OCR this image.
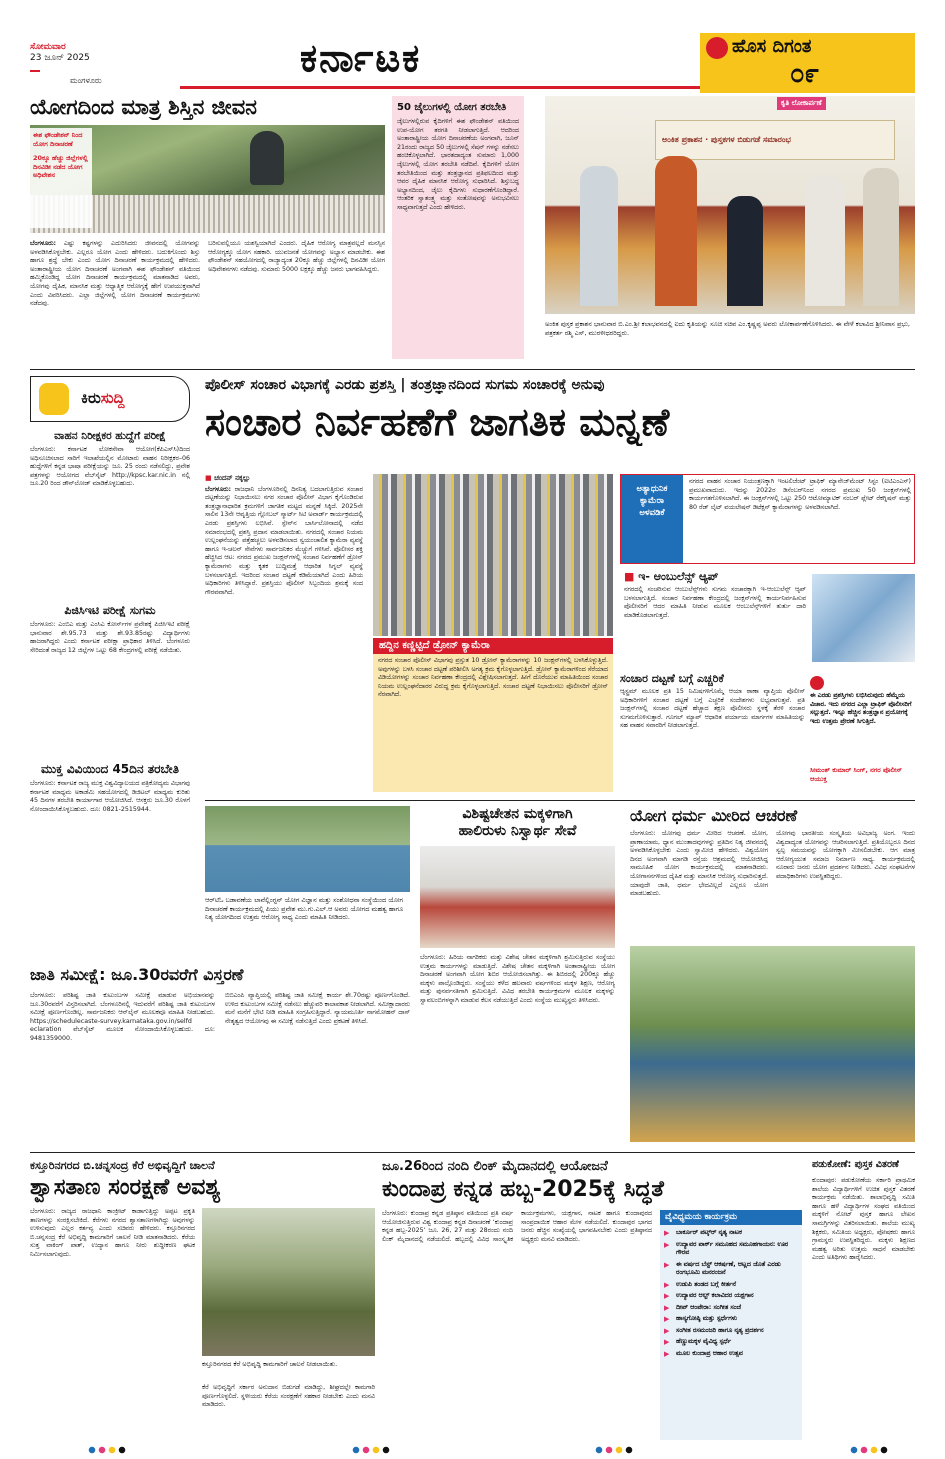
ಸೋಮವಾರ
23 ಜೂನ್ 2025
ಮಂಗಳೂರು
ಕರ್ನಾಟಕ	ಹೊಸ ದಿಗಂತ
೦೯
ಯೋಗದಿಂದ ಮಾತ್ರ ಶಿಸ್ತಿನ ಜೀವನ
ಈಶ ಫೌಂಡೇಶನ್ ನಿಂದ ಯೋಗ ದಿನಾಚರಣೆ
20ಕ್ಕೂ ಹೆಚ್ಚು ಜಿಲ್ಲೆಗಳಲ್ಲಿ ದಿನವಿಡೀ ನಡೆದ ಯೋಗ ಅಧಿವೇಶನ
ಬೆಂಗಳೂರು: ಎಷ್ಟು ಕಷ್ಟಗಳನ್ನು ಎದುರಿಸಿದರು ಜೀವನದಲ್ಲಿ ಯೋಗವನ್ನು ಅಳವಡಿಸಿಕೊಳ್ಳಬೇಕು. ಎಲ್ಲರೂ ಯೋಗ ಎಂದು ಹೇಳಿದರು. ಬದುಕಿಗೊಂದು ಶಿಸ್ತು ಹಾಗೂ ಶ್ರದ್ಧೆ ಬೇಕು ಎಂದು ಯೋಗ ದಿನಾಚರಣೆ ಕಾರ್ಯಕ್ರಮದಲ್ಲಿ ಹೇಳಿದರು. ಅಂತಾರಾಷ್ಟ್ರೀಯ ಯೋಗ ದಿನಾಚರಣೆ ಅಂಗವಾಗಿ ಈಶ ಫೌಂಡೇಶನ್ ವತಿಯಿಂದ ಹಮ್ಮಿಕೊಂಡಿದ್ದ ಯೋಗ ದಿನಾಚರಣೆ ಕಾರ್ಯಕ್ರಮದಲ್ಲಿ ಮಾತನಾಡಿದ ಅವರು, ಯೋಗವು ದೈಹಿಕ, ಮಾನಸಿಕ ಮತ್ತು ಆಧ್ಯಾತ್ಮಿಕ ಆರೋಗ್ಯಕ್ಕೆ ಹೇಗೆ ಉಪಯುಕ್ತವಾಗಿದೆ ಎಂದು ವಿವರಿಸಿದರು. ಎಲ್ಲಾ ಜಿಲ್ಲೆಗಳಲ್ಲಿ ಯೋಗ ದಿನಾಚರಣೆ ಕಾರ್ಯಕ್ರಮಗಳು ನಡೆದವು.
ಬರಿಸುವಲ್ಲಿಯೂ ಯಶಸ್ವಿಯಾಗಿದೆ ಎಂದರು. ದೈಹಿಕ ಆರೋಗ್ಯ ಮಾತ್ರವಲ್ಲದೆ ಮನಸ್ಸಿನ ಆರೋಗ್ಯಕ್ಕೂ ಯೋಗ ಸಹಕಾರಿ. ಯುವಜನತೆ ಯೋಗವನ್ನು ಅಭ್ಯಾಸ ಮಾಡಬೇಕು. ಈಶ ಫೌಂಡೇಶನ್ ಸಹಯೋಗದಲ್ಲಿ ರಾಜ್ಯಾದ್ಯಂತ 20ಕ್ಕೂ ಹೆಚ್ಚು ಜಿಲ್ಲೆಗಳಲ್ಲಿ ದಿನವಿಡೀ ಯೋಗ ಅಧಿವೇಶನಗಳು ನಡೆದವು. ಸುಮಾರು 5000 ಲಕ್ಷಕ್ಕೂ ಹೆಚ್ಚು ಜನರು ಭಾಗವಹಿಸಿದ್ದರು.
50 ಜೈಲುಗಳಲ್ಲಿ ಯೋಗ ತರಬೇತಿ
ಜೈಲುಗಳಲ್ಲಿರುವ ಕೈದಿಗಳಿಗೆ ಈಶ ಫೌಂಡೇಶನ್ ವತಿಯಿಂದ ಉಪ-ಯೋಗ ತರಗತಿ ನೀಡಲಾಗುತ್ತಿದೆ. ಆದರಿಂದ ಅಂತಾರಾಷ್ಟ್ರೀಯ ಯೋಗ ದಿನಾಚರಣೆಯ ಅಂಗವಾಗಿ, ಜೂನ್ 21ರಂದು ರಾಜ್ಯದ 50 ಜೈಲುಗಳಲ್ಲಿ ಸೆಷನ್ ಗಳನ್ನು ನಡೆಸಲು ಹಂಚಿಕೊಳ್ಳಲಾಗಿದೆ. ಭಾರತದಾದ್ಯಂತ ಸುಮಾರು 1,000 ಜೈಲುಗಳಲ್ಲಿ ಯೋಗ ತರಬೇತಿ ನಡೆದಿವೆ. ಕೈದಿಗಳಿಗೆ ಯೋಗ ತರಬೇತಿಯಿಂದ ಮತ್ತು ತಂತ್ರಜ್ಞಾನದ ಪ್ರತಿಫಲದಿಂದ ಮತ್ತು ಆವರ ದೈಹಿಕ ಮಾನಸಿಕ ಆರೋಗ್ಯ ಸುಧಾರಿಸಿದೆ. ಶಿಸ್ತುಬದ್ಧ ಅಭ್ಯಾಸದಿಂದ, ಜೈಲು ಕೈದಿಗಳು ಸುಧಾರಣೆಗೊಂಡಿದ್ದಾರೆ. ಆಂತರಿಕ ಸ್ವಾತಂತ್ರ್ಯ ಮತ್ತು ಸಂತೋಷವನ್ನು ಅನುಭವಿಸಲು ಸಾಧ್ಯವಾಗುತ್ತದೆ ಎಂದು ಹೇಳಿದರು.
ಅಂಕಿತ ಪ್ರಕಾಶನ · ಪುಸ್ತಕಗಳ ಬಿಡುಗಡೆ ಸಮಾರಂಭ
ಕೃತಿ ಲೋಕಾರ್ಪಣೆ
ಅಂಕಿತ ಪುಸ್ತಕ ಪ್ರಕಾಶನ ಭಾನುವಾರ ಬಿ.ಎಂ.ಶ್ರೀ ಕಲಾಭವನದಲ್ಲಿ ಐದು ಕೃತಿಯನ್ನು ಸೂಚಿ ಸಚಿವ ಎಂ.ಕೃಷ್ಣಪ್ಪ ಅವರು ಲೋಕಾರ್ಪಣೆಗೊಳಿಸಿದರು. ಈ ವೇಳೆ ಕಲಾವಿದ ಶ್ರೀನಿವಾಸ ಪ್ರಭು, ಪತ್ರಕರ್ತ ರಶ್ಮಿ ಎಸ್, ಮುರಳೀಧರರಿದ್ದರು.
ಕಿರುಸುದ್ದಿ
ವಾಹನ ನಿರೀಕ್ಷಕರ ಹುದ್ದೆಗೆ ಪರೀಕ್ಷೆ
ಬೆಂಗಳೂರು: ಕರ್ನಾಟಕ ಲೋಕಸೇವಾ ಆಯೋಗ(ಕೆಪಿಎಸ್‌ಸಿ)ದಿಂದ ಅಧಿಸೂಚಿಸಲಾದ ಸಾರಿಗೆ ಇಲಾಖೆಯಲ್ಲಿನ ಮೋಟಾರು ವಾಹನ ನಿರೀಕ್ಷಕರ–06 ಹುದ್ದೆಗಳಿಗೆ ಕನ್ನಡ ಭಾಷಾ ಪರೀಕ್ಷೆಯನ್ನು ಜೂ. 25 ರಂದು ನಡೆಸಲಿದ್ದು, ಪ್ರವೇಶ ಪತ್ರಗಳನ್ನು ಆಯೋಗದ ವೆಬ್‌ಸೈಟ್ http://kpsc.kar.nic.in ನಲ್ಲಿ ಜೂ.20 ರಿಂದ ಡೌನ್‌ಲೋಡ್ ಮಾಡಿಕೊಳ್ಳಬಹುದು.
ಪಿಜಿಸಿಇಟಿ ಪರೀಕ್ಷೆ ಸುಗಮ
ಬೆಂಗಳೂರು: ಎಂಬಿಎ ಮತ್ತು ಎಂಸಿಎ ಕೋರ್ಸ್‌ಗಳ ಪ್ರವೇಶಕ್ಕೆ ಪಿಜಿಸಿಇಟಿ ಪರೀಕ್ಷೆ ಭಾನುವಾರ ಶೇ.95.73 ಮತ್ತು ಶೇ.93.85ರಷ್ಟು ವಿದ್ಯಾರ್ಥಿಗಳು ಹಾಜರಾಗಿದ್ದರು ಎಂದು ಕರ್ನಾಟಕ ಪರೀಕ್ಷಾ ಪ್ರಾಧಿಕಾರ ತಿಳಿಸಿದೆ. ಬೆಂಗಳೂರು ಸೇರಿದಂತೆ ರಾಜ್ಯದ 12 ಜಿಲ್ಲೆಗಳ ಒಟ್ಟು 68 ಕೇಂದ್ರಗಳಲ್ಲಿ ಪರೀಕ್ಷೆ ನಡೆಯಿತು.
ಮುಕ್ತ ವಿವಿಯಿಂದ 45ದಿನ ತರಬೇತಿ
ಬೆಂಗಳೂರು: ಕರ್ನಾಟಕ ರಾಜ್ಯ ಮುಕ್ತ ವಿಶ್ವವಿದ್ಯಾಲಯದ ಪತ್ರಿಕೋದ್ಯಮ ವಿಭಾಗವು ಕರ್ನಾಟಕ ಮಾಧ್ಯಮ ಅಕಾಡೆಮಿ ಸಹಯೋಗದಲ್ಲಿ ಡಿಜಿಟಲ್ ಮಾಧ್ಯಮ ಕುರಿತು 45 ದಿನಗಳ ತರಬೇತಿ ಕಾರ್ಯಾಗಾರ ಆಯೋಜಿಸಿದೆ. ಆಸಕ್ತರು ಜೂ.30 ರೊಳಗೆ ನೋಂದಾಯಿಸಿಕೊಳ್ಳಬಹುದು. ದೂ: 0821-2515944.
ಪೊಲೀಸ್ ಸಂಚಾರ ವಿಭಾಗಕ್ಕೆ ಎರಡು ಪ್ರಶಸ್ತಿ | ತಂತ್ರಜ್ಞಾನದಿಂದ ಸುಗಮ ಸಂಚಾರಕ್ಕೆ ಅನುವು
ಸಂಚಾರ ನಿರ್ವಹಣೆಗೆ ಜಾಗತಿಕ ಮನ್ನಣೆ
■ ಚಂದನ್ ನಕ್ಕಲ್ಲು
ಬೆಂಗಳೂರು: ರಾಜಧಾನಿ ಬೆಂಗಳೂರಿನಲ್ಲಿ ದಿನನಿತ್ಯ ಬದಲಾಗುತ್ತಿರುವ ಸಂಚಾರ ದಟ್ಟಣೆಯನ್ನು ನಿಭಾಯಿಸಲು ನಗರ ಸಂಚಾರ ಪೊಲೀಸ್ ವಿಭಾಗ ಕೈಗೊಂಡಿರುವ ತಂತ್ರಜ್ಞಾನಾಧಾರಿತ ಕ್ರಮಗಳಿಗೆ ಜಾಗತಿಕ ಮಟ್ಟದ ಮನ್ನಣೆ ಸಿಕ್ಕಿದೆ. 2025ನೇ ಸಾಲಿನ 13ನೇ ಆವೃತ್ತಿಯ ಗ್ಲೋಬಲ್ ಸ್ಮಾರ್ಟ್ ಸಿಟಿ ಅವಾರ್ಡ್ ಕಾರ್ಯಕ್ರಮದಲ್ಲಿ ಎರಡು ಪ್ರಶಸ್ತಿಗಳು ಲಭಿಸಿವೆ. ಸ್ಪೇನ್‌ನ ಬಾರ್ಸಿಲೋನಾದಲ್ಲಿ ನಡೆದ ಸಮಾರಂಭದಲ್ಲಿ ಪ್ರಶಸ್ತಿ ಪ್ರದಾನ ಮಾಡಲಾಯಿತು. ನಗರದಲ್ಲಿ ಸಂಚಾರ ನಿಯಮ ಉಲ್ಲಂಘನೆಯನ್ನು ಪತ್ತೆಹಚ್ಚಲು ಅಳವಡಿಸಲಾದ ಸ್ವಯಂಚಾಲಿತ ಕ್ಯಾಮೆರಾ ವ್ಯವಸ್ಥೆ ಹಾಗೂ ಇ-ಚಲನ್ ಸೇವೆಗಳು ಸಾರ್ವಜನಿಕರ ಮೆಚ್ಚುಗೆ ಗಳಿಸಿವೆ. ಪೊಲೀಸರ ಶಕ್ತಿ ಹೆಚ್ಚಿಸಿದ ಆಟ: ನಗರದ ಪ್ರಮುಖ ಜಂಕ್ಷನ್‌ಗಳಲ್ಲಿ ಸಂಚಾರ ನಿರ್ವಹಣೆಗೆ ಡ್ರೋನ್ ಕ್ಯಾಮೆರಾಗಳು ಮತ್ತು ಕೃತಕ ಬುದ್ಧಿಮತ್ತೆ ಆಧಾರಿತ ಸಿಗ್ನಲ್ ವ್ಯವಸ್ಥೆ ಬಳಸಲಾಗುತ್ತಿದೆ. ಇದರಿಂದ ಸಂಚಾರ ದಟ್ಟಣೆ ಕಡಿಮೆಯಾಗಿದೆ ಎಂದು ಹಿರಿಯ ಅಧಿಕಾರಿಗಳು ತಿಳಿಸಿದ್ದಾರೆ. ಪ್ರಶಸ್ತಿಯು ಪೊಲೀಸ್ ಸಿಬ್ಬಂದಿಯ ಶ್ರಮಕ್ಕೆ ಸಂದ ಗೌರವವಾಗಿದೆ.
ಹದ್ದಿನ ಕಣ್ಣಿಟ್ಟಿದೆ ಡ್ರೋನ್ ಕ್ಯಾಮೆರಾ
ನಗರದ ಸಂಚಾರ ಪೊಲೀಸ್ ವಿಭಾಗವು ಪ್ರಸ್ತುತ 10 ಡ್ರೋನ್ ಕ್ಯಾಮೆರಾಗಳನ್ನು 10 ಜಂಕ್ಷನ್‌ಗಳಲ್ಲಿ ಬಳಸಿಕೊಳ್ಳುತ್ತಿದೆ. ಅವುಗಳನ್ನು ಬಳಸಿ ಸಂಚಾರ ದಟ್ಟಣೆ ಪರಿಶೀಲಿಸಿ ಅಗತ್ಯ ಕ್ರಮ ಕೈಗೊಳ್ಳಲಾಗುತ್ತಿದೆ. ಡ್ರೋನ್ ಕ್ಯಾಮೆರಾಗಳಿಂದ ಸೆರೆಯಾದ ವಿಡಿಯೋಗಳನ್ನು ಸಂಚಾರ ನಿರ್ವಹಣಾ ಕೇಂದ್ರದಲ್ಲಿ ವಿಶ್ಲೇಷಿಸಲಾಗುತ್ತದೆ. ಹೀಗೆ ದೊರೆಯುವ ಮಾಹಿತಿಯಿಂದ ಸಂಚಾರ ನಿಯಮ ಉಲ್ಲಂಘನೆದಾರರ ವಿರುದ್ಧ ಕ್ರಮ ಕೈಗೊಳ್ಳಲಾಗುತ್ತಿದೆ. ಸಂಚಾರ ದಟ್ಟಣೆ ನಿಭಾಯಿಸಲು ಪೊಲೀಸರಿಗೆ ಡ್ರೋನ್ ನೆರವಾಗಿದೆ.
ಅತ್ಯಾಧುನಿಕ ಕ್ಯಾಮೆರಾ ಅಳವಡಿಕೆ
ನಗರದ ವಾಹನ ಸಂಚಾರ ನಿಯಂತ್ರಣಕ್ಕಾಗಿ ಇಂಟಲಿಜೆಂಟ್ ಟ್ರಾಫಿಕ್ ಮ್ಯಾನೇಜ್‌ಮೆಂಟ್ ಸಿಸ್ಟಂ (ಐಟಿಎಂಎಸ್) ಪ್ರಮುಖವಾದುದು. ಇದನ್ನು 2022ರ ಡಿಸೆಂಬರ್‌ನಿಂದ ನಗರದ ಪ್ರಮುಖ 50 ಜಂಕ್ಷನ್‌ಗಳಲ್ಲಿ ಕಾರ್ಯಗತಗೊಳಿಸಲಾಗಿದೆ. ಈ ಜಂಕ್ಷನ್‌ಗಳಲ್ಲಿ ಒಟ್ಟು 250 ಆಟೋಮ್ಯಾಟಿಕ್ ನಂಬರ್ ಪ್ಲೇಟ್ ರೆಕಗ್ನಿಷನ್ ಮತ್ತು 80 ರೆಡ್ ಲೈಟ್ ವಯಲೇಷನ್ ಡಿಟೆಕ್ಷನ್ ಕ್ಯಾಮೆರಾಗಳನ್ನು ಅಳವಡಿಸಲಾಗಿದೆ.
■ ಇ- ಆಂಬುಲೆನ್ಸ್ ಆ್ಯಪ್
ನಗರದಲ್ಲಿ ಸಂಚರಿಸುವ ಆಂಬುಲೆನ್ಸ್‌ಗಳು ಸುಗಮ ಸಂಚಾರಕ್ಕಾಗಿ ಇ-ಆಂಬುಲೆನ್ಸ್ ಆ್ಯಪ್ ಬಳಸಲಾಗುತ್ತಿದೆ. ಸಂಚಾರ ನಿರ್ವಹಣಾ ಕೇಂದ್ರದಲ್ಲಿ ಜಂಕ್ಷನ್‌ಗಳಲ್ಲಿ ಕಾರ್ಯನಿರ್ವಹಿಸುವ ಪೊಲೀಸರಿಗೆ ಆದರ ಮಾಹಿತಿ ನೀಡುವ ಮೂಲಕ ಆಂಬುಲೆನ್ಸ್‌ಗಳಿಗೆ ತುರ್ತು ದಾರಿ ಮಾಡಿಕೊಡಲಾಗುತ್ತದೆ.
ಸಂಚಾರ ದಟ್ಟಣೆ ಬಗ್ಗೆ ಎಚ್ಚರಿಕೆ
ಆ್ಯಸ್ಟ್ರಮ್ ಮೂಲಕ ಪ್ರತಿ 15 ನಿಮಿಷಗಳಿಗೊಮ್ಮೆ ಆಯಾ ಠಾಣಾ ವ್ಯಾಪ್ತಿಯ ಪೊಲೀಸ್ ಅಧಿಕಾರಿಗಳಿಗೆ ಸಂಚಾರ ದಟ್ಟಣೆ ಬಗ್ಗೆ ಎಚ್ಚರಿಕೆ ಸಂದೇಶಗಳು ಲಭ್ಯವಾಗುತ್ತವೆ. ಪ್ರತಿ ಜಂಕ್ಷನ್‌ಗಳಲ್ಲಿ ಸಂಚಾರ ದಟ್ಟಣೆ ಹೆಚ್ಚಾದ ತಕ್ಷಣ ಪೊಲೀಸರು ಸ್ಥಳಕ್ಕೆ ತೆರಳಿ ಸಂಚಾರ ಸುಗಮಗೊಳಿಸುತ್ತಾರೆ. ಗೂಗಲ್ ಮ್ಯಾಪ್ ಆಧಾರಿತ ಪರ್ಯಾಯ ಮಾರ್ಗಗಳ ಮಾಹಿತಿಯನ್ನು ಸಹ ವಾಹನ ಸವಾರರಿಗೆ ನೀಡಲಾಗುತ್ತದೆ.
ಈ ಎರಡು ಪ್ರಶಸ್ತಿಗಳು ಲಭಿಸಿರುವುದು ಹೆಮ್ಮೆಯ ವಿಚಾರ. ಇದು ನಗರದ ಎಲ್ಲಾ ಟ್ರಾಫಿಕ್ ಪೊಲೀಸರಿಗೆ ಸಲ್ಲುತ್ತದೆ. ಇನ್ನೂ ಹೆಚ್ಚಿನ ತಂತ್ರಜ್ಞಾನ ಪ್ರಯೋಗಕ್ಕೆ ಇದು ಉತ್ತಮ ಪ್ರೇರಣೆ ಸಿಗುತ್ತಿದೆ.
ಸೀಮಂತ್ ಕುಮಾರ್ ಸಿಂಗ್, ನಗರ ಪೊಲೀಸ್ ಆಯುಕ್ತ
ಆರ್‌ಟಿಓ ಬಡಾವಣೆಯ ಲಾವೆಲ್ಲಿಂಗ್ಟನ್ ಯೋಗ ವಿಜ್ಞಾನ ಮತ್ತು ಸಂಶೋಧನಾ ಸಂಸ್ಥೆಯಿಂದ ಯೋಗ ದಿನಾಚರಣೆ ಕಾರ್ಯಕ್ರಮದಲ್ಲಿ ಪಿಯು ಪ್ರವೇಶ ಮು.ಗು.ಎಲ್.ಆ ಅವರು ಯೋಗದ ಮಹತ್ವ ಹಾಗೂ ನಿತ್ಯ ಯೋಗದಿಂದ ಉತ್ತಮ ಆರೋಗ್ಯ ಸಾಧ್ಯ ಎಂದು ಮಾಹಿತಿ ನೀಡಿದರು.
ವಿಶಿಷ್ಟಚೇತನ ಮಕ್ಕಳಿಗಾಗಿ
ಹಾಲಿರುಳು ನಿಸ್ವಾರ್ಥ ಸೇವೆ
ಬೆಂಗಳೂರು: ಹಿರಿಯ ನಾಗರಿಕರು ಮತ್ತು ವಿಶೇಷ ಚೇತನ ಮಕ್ಕಳಿಗಾಗಿ ಶ್ರಮಿಸುತ್ತಿರುವ ಸಂಸ್ಥೆಯು ಉತ್ತಮ ಕಾರ್ಯಗಳನ್ನು ಮಾಡುತ್ತಿದೆ. ವಿಶೇಷ ಚೇತನ ಮಕ್ಕಳಿಗಾಗಿ ಅಂತಾರಾಷ್ಟ್ರೀಯ ಯೋಗ ದಿನಾಚರಣೆ ಅಂಗವಾಗಿ ಯೋಗ ಶಿಬಿರ ಆಯೋಜಿಸಲಾಗಿತ್ತು. ಈ ಶಿಬಿರದಲ್ಲಿ 200ಕ್ಕೂ ಹೆಚ್ಚು ಮಕ್ಕಳು ಪಾಲ್ಗೊಂಡಿದ್ದರು. ಸಂಸ್ಥೆಯು ಕಳೆದ ಹಲವಾರು ವರ್ಷಗಳಿಂದ ಮಕ್ಕಳ ಶಿಕ್ಷಣ, ಆರೋಗ್ಯ ಮತ್ತು ಪುನರ್ವಸತಿಗಾಗಿ ಶ್ರಮಿಸುತ್ತಿದೆ. ವಿವಿಧ ತರಬೇತಿ ಕಾರ್ಯಕ್ರಮಗಳ ಮೂಲಕ ಮಕ್ಕಳನ್ನು ಸ್ವಾವಲಂಬಿಗಳನ್ನಾಗಿ ಮಾಡುವ ಕೆಲಸ ನಡೆಯುತ್ತಿದೆ ಎಂದು ಸಂಸ್ಥೆಯ ಮುಖ್ಯಸ್ಥರು ತಿಳಿಸಿದರು.
ಯೋಗ ಧರ್ಮ ಮೀರಿದ ಆಚರಣೆ
ಬೆಂಗಳೂರು: ಯೋಗವು ಧರ್ಮ ಮೀರಿದ ಆಚರಣೆ. ಯೋಗ, ಪ್ರಾಣಾಯಾಮ, ಧ್ಯಾನ ಮುಂತಾದವುಗಳನ್ನು ಪ್ರತಿದಿನ ನಿತ್ಯ ಜೀವನದಲ್ಲಿ ಅಳವಡಿಸಿಕೊಳ್ಳಬೇಕು ಎಂದು ಸ್ವಾಮೀಜಿ ಹೇಳಿದರು. ವಿಶ್ವಯೋಗ ದಿನದ ಅಂಗವಾಗಿ ಮಾಗಡಿ ರಸ್ತೆಯ ಆಶ್ರಮದಲ್ಲಿ ಆಯೋಜಿಸಿದ್ದ ಸಾಮೂಹಿಕ ಯೋಗ ಕಾರ್ಯಕ್ರಮದಲ್ಲಿ ಮಾತನಾಡಿದರು. ಯೋಗಾಸನಗಳಿಂದ ದೈಹಿಕ ಮತ್ತು ಮಾನಸಿಕ ಆರೋಗ್ಯ ಸುಧಾರಿಸುತ್ತದೆ. ಯಾವುದೇ ಜಾತಿ, ಧರ್ಮ ಭೇದವಿಲ್ಲದೆ ಎಲ್ಲರೂ ಯೋಗ ಮಾಡಬಹುದು.
ಯೋಗವು ಭಾರತೀಯ ಸಂಸ್ಕೃತಿಯ ಅವಿಭಾಜ್ಯ ಅಂಗ. ಇಂದು ವಿಶ್ವದಾದ್ಯಂತ ಯೋಗವನ್ನು ಆಚರಿಸಲಾಗುತ್ತಿದೆ. ಪ್ರತಿಯೊಬ್ಬರೂ ದಿನದ ಸ್ವಲ್ಪ ಸಮಯವನ್ನು ಯೋಗಕ್ಕಾಗಿ ಮೀಸಲಿಡಬೇಕು. ಆಗ ಮಾತ್ರ ಆರೋಗ್ಯಯುತ ಸಮಾಜ ನಿರ್ಮಾಣ ಸಾಧ್ಯ. ಕಾರ್ಯಕ್ರಮದಲ್ಲಿ ನೂರಾರು ಜನರು ಯೋಗ ಪ್ರದರ್ಶನ ನೀಡಿದರು. ವಿವಿಧ ಸಂಘಟನೆಗಳ ಪದಾಧಿಕಾರಿಗಳು ಉಪಸ್ಥಿತರಿದ್ದರು.
ಜಾತಿ ಸಮೀಕ್ಷೆ: ಜೂ.30ರವರೆಗೆ ವಿಸ್ತರಣೆ
ಬೆಂಗಳೂರು: ಪರಿಶಿಷ್ಟ ಜಾತಿ ಕುಟುಂಬಗಳ ಸಮೀಕ್ಷೆ ಮಾಡುವ ಅಭಿಯಾನವನ್ನು ಜೂ.30ರವರೆಗೆ ವಿಸ್ತರಿಸಲಾಗಿದೆ. ಬೆಂಗಳೂರಿನಲ್ಲಿ ಇದುವರೆಗೆ ಪರಿಶಿಷ್ಟ ಜಾತಿ ಕುಟುಂಬಗಳ ಸಮೀಕ್ಷೆ ಪೂರ್ಣಗೊಂಡಿಲ್ಲ. ಸಾರ್ವಜನಿಕರು ಆನ್‌ಲೈನ್ ಮೂಲಕವೂ ಮಾಹಿತಿ ನೀಡಬಹುದು. https://schedulecaste-survey.karnataka.gov.in/selfd eclaration ವೆಬ್‌ಸೈಟ್ ಮೂಲಕ ನೋಂದಾಯಿಸಿಕೊಳ್ಳಬಹುದು. ದೂ: 9481359000.
ಬಿಬಿಎಂಪಿ ವ್ಯಾಪ್ತಿಯಲ್ಲಿ ಪರಿಶಿಷ್ಟ ಜಾತಿ ಸಮೀಕ್ಷೆ ಕಾರ್ಯ ಶೇ.70ರಷ್ಟು ಪೂರ್ಣಗೊಂಡಿದೆ. ಉಳಿದ ಕುಟುಂಬಗಳ ಸಮೀಕ್ಷೆ ನಡೆಸಲು ಹೆಚ್ಚುವರಿ ಕಾಲಾವಕಾಶ ನೀಡಲಾಗಿದೆ. ಸಮೀಕ್ಷಾದಾರರು ಮನೆ ಮನೆಗೆ ಭೇಟಿ ನೀಡಿ ಮಾಹಿತಿ ಸಂಗ್ರಹಿಸುತ್ತಿದ್ದಾರೆ. ನ್ಯಾಯಮೂರ್ತಿ ನಾಗಮೋಹನ್ ದಾಸ್ ನೇತೃತ್ವದ ಆಯೋಗವು ಈ ಸಮೀಕ್ಷೆ ನಡೆಸುತ್ತಿದೆ ಎಂದು ಪ್ರಕಟಣೆ ತಿಳಿಸಿದೆ.
ಕಸ್ತೂರಿನಗರದ ಬಿ.ಚನ್ನಸಂದ್ರ ಕೆರೆ ಅಭಿವೃದ್ಧಿಗೆ ಚಾಲನೆ
ಶ್ವಾಸತಾಣ ಸಂರಕ್ಷಣೆ ಅವಶ್ಯ
ಬೆಂಗಳೂರು: ರಾಜ್ಯದ ರಾಜಧಾನಿ ಕಾಂಕ್ರೀಟ್ ಕಾಡಾಗುತ್ತಿದ್ದು ಅಪ್ಪಟ ಪ್ರಕೃತಿ ತಾಣಗಳನ್ನು ಸಂರಕ್ಷಿಸಬೇಕಿದೆ. ಕೆರೆಗಳು ನಗರದ ಶ್ವಾಸತಾಣಗಳಾಗಿದ್ದು ಅವುಗಳನ್ನು ಉಳಿಸುವುದು ಎಲ್ಲರ ಕರ್ತವ್ಯ ಎಂದು ಸಚಿವರು ಹೇಳಿದರು. ಕಸ್ತೂರಿನಗರದ ಬಿ.ಚನ್ನಸಂದ್ರ ಕೆರೆ ಅಭಿವೃದ್ಧಿ ಕಾಮಗಾರಿಗೆ ಚಾಲನೆ ನೀಡಿ ಮಾತನಾಡಿದರು. ಕೆರೆಯ ಸುತ್ತ ವಾಕಿಂಗ್ ಪಾತ್, ಉದ್ಯಾನ ಹಾಗೂ ನೀರು ಶುದ್ಧೀಕರಣ ಘಟಕ ನಿರ್ಮಿಸಲಾಗುವುದು.
ಕಸ್ತೂರಿನಗರದ ಕೆರೆ ಅಭಿವೃದ್ಧಿ ಕಾಮಗಾರಿಗೆ ಚಾಲನೆ ನೀಡಲಾಯಿತು.
ಕೆರೆ ಅಭಿವೃದ್ಧಿಗೆ ಸರ್ಕಾರ ಅನುದಾನ ಬಿಡುಗಡೆ ಮಾಡಿದ್ದು, ಶೀಘ್ರದಲ್ಲೇ ಕಾಮಗಾರಿ ಪೂರ್ಣಗೊಳ್ಳಲಿದೆ. ಸ್ಥಳೀಯರು ಕೆರೆಯ ಸಂರಕ್ಷಣೆಗೆ ಸಹಕಾರ ನೀಡಬೇಕು ಎಂದು ಮನವಿ ಮಾಡಿದರು.
ಜೂ.26ರಿಂದ ನಂದಿ ಲಿಂಕ್ ಮೈದಾನದಲ್ಲಿ ಆಯೋಜನೆ
ಕುಂದಾಪ್ರ ಕನ್ನಡ ಹಬ್ಬ-2025ಕ್ಕೆ ಸಿದ್ಧತೆ
ಬೆಂಗಳೂರು: ಕುಂದಾಪ್ರ ಕನ್ನಡ ಪ್ರತಿಷ್ಠಾನ ವತಿಯಿಂದ ಪ್ರತಿ ವರ್ಷ ಆಯೋಜಿಸುತ್ತಿರುವ ವಿಶ್ವ ಕುಂದಾಪ್ರ ಕನ್ನಡ ದಿನಾಚರಣೆ ‘ಕುಂದಾಪ್ರ ಕನ್ನಡ ಹಬ್ಬ-2025’ ಜೂ. 26, 27 ಮತ್ತು 28ರಂದು ನಂದಿ ಲಿಂಕ್ ಮೈದಾನದಲ್ಲಿ ನಡೆಯಲಿದೆ. ಹಬ್ಬದಲ್ಲಿ ವಿವಿಧ ಸಾಂಸ್ಕೃತಿಕ ಕಾರ್ಯಕ್ರಮಗಳು, ಯಕ್ಷಗಾನ, ನಾಟಕ ಹಾಗೂ ಕುಂದಾಪುರದ ಸಾಂಪ್ರದಾಯಿಕ ಆಹಾರ ಮೇಳ ನಡೆಯಲಿದೆ. ಕುಂದಾಪುರ ಭಾಗದ ಜನರು ಹೆಚ್ಚಿನ ಸಂಖ್ಯೆಯಲ್ಲಿ ಭಾಗವಹಿಸಬೇಕು ಎಂದು ಪ್ರತಿಷ್ಠಾನದ ಅಧ್ಯಕ್ಷರು ಮನವಿ ಮಾಡಿದರು.
ವೈವಿಧ್ಯಮಯ ಕಾರ್ಯಕ್ರಮ
▶ ಬಾರ್ಕೂರ್ ಪಟ್ಕ್‌ರ್ ನೃತ್ಯ ನಾಟಕ
▶ ಉದ್ಯಾವರ ಪಾರ್ಕ್ ಸಮೂಹದ ಸಮೂಹಗಾಯನ: ಊರ ಗೌರವ
▶ ಈ ವರ್ಷದ ಬೆಸ್ಟ್ ಆಕರ್ಷಣೆ, ಆಟ್ಲದ ಜೊತೆ ಎರಡು ರಂಗಭೂಮಿ ಮನರಂಜನೆ
▶ ಉಡುಪಿ ತಂಡದ ಬಗ್ಗೆ ಕೀರ್ತನೆ
▶ ಉದ್ಯಾವರ ಆಲ್ಟ್ ಕಲಾವಿದರ ಯಕ್ಷಗಾನ
▶ ದೀಪ್ ಆಂಪೇರಾ: ಸಂಗೀತ ಸಂಜೆ
▶ ಹಾಸ್ಯಗೋಷ್ಠಿ ಮತ್ತು ಸ್ಪರ್ಧೆಗಳು
▶ ಸಂಗೀತ ರಸಮಂಜರಿ ಹಾಗೂ ನೃತ್ಯ ಪ್ರದರ್ಶನ
▶ ಹೆಣ್ಣುಮಕ್ಕಳ ವೈವಿಧ್ಯ ಸ್ಪರ್ಧೆ
▶ ಮೂಲ ಕುಂದಾಪ್ರ ಆಹಾರ ಉತ್ಸವ
ಪಡುಕೋಣೆ: ಪುಸ್ತಕ ವಿತರಣೆ
ಕುಂದಾಪುರ: ಪಡುಕೋಣೆಯ ಸರ್ಕಾರಿ ಪ್ರಾಥಮಿಕ ಶಾಲೆಯ ವಿದ್ಯಾರ್ಥಿಗಳಿಗೆ ಉಚಿತ ಪುಸ್ತಕ ವಿತರಣೆ ಕಾರ್ಯಕ್ರಮ ನಡೆಯಿತು. ಶಾಲಾಭಿವೃದ್ಧಿ ಸಮಿತಿ ಹಾಗೂ ಹಳೆ ವಿದ್ಯಾರ್ಥಿಗಳ ಸಂಘದ ವತಿಯಿಂದ ಮಕ್ಕಳಿಗೆ ನೋಟ್ ಪುಸ್ತಕ ಹಾಗೂ ಲೇಖನ ಸಾಮಗ್ರಿಗಳನ್ನು ವಿತರಿಸಲಾಯಿತು. ಶಾಲೆಯ ಮುಖ್ಯ ಶಿಕ್ಷಕರು, ಸಮಿತಿಯ ಅಧ್ಯಕ್ಷರು, ಪೋಷಕರು ಹಾಗೂ ಗ್ರಾಮಸ್ಥರು ಉಪಸ್ಥಿತರಿದ್ದರು. ಮಕ್ಕಳು ಶಿಕ್ಷಣದ ಮಹತ್ವ ಅರಿತು ಉತ್ತಮ ಸಾಧನೆ ಮಾಡಬೇಕು ಎಂದು ಅತಿಥಿಗಳು ಹಾರೈಸಿದರು.
